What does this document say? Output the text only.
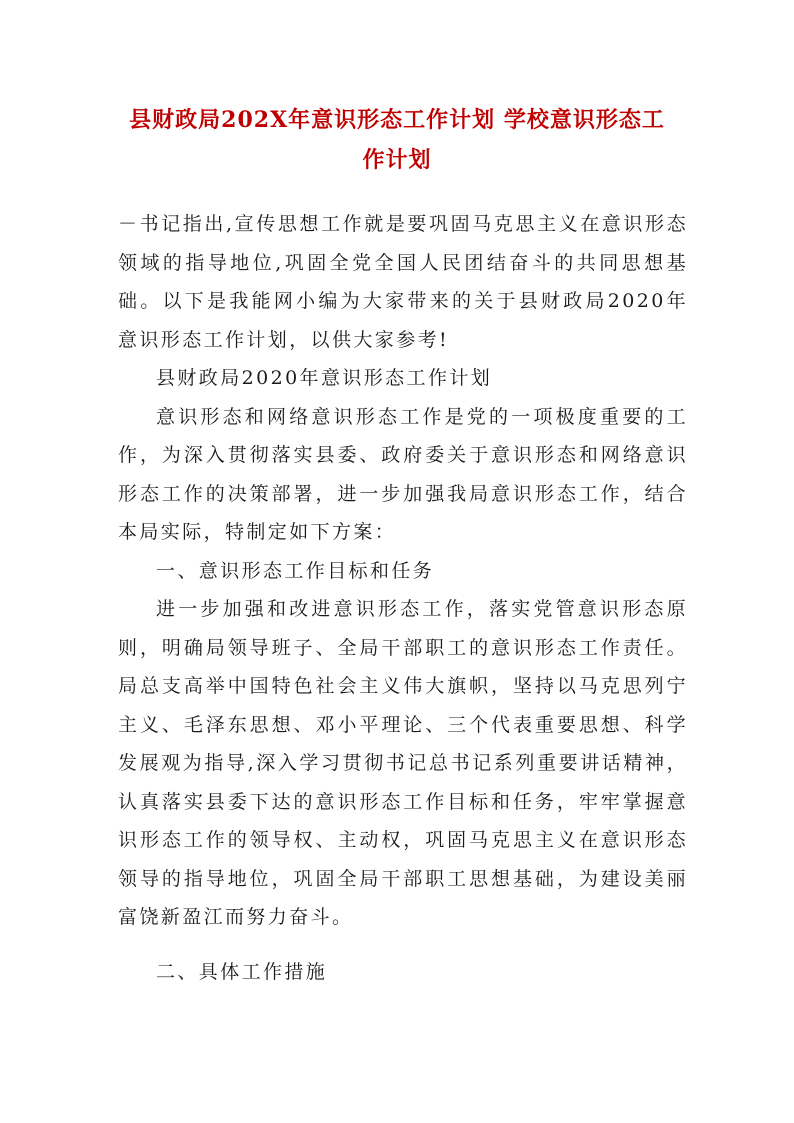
县财政局202X年意识形态工作计划 学校意识形态工
作计划

－书记指出,宣传思想工作就是要巩固马克思主义在意识形态领域的指导地位,巩固全党全国人民团结奋斗的共同思想基础。以下是我能网小编为大家带来的关于县财政局2020年意识形态工作计划，以供大家参考!

县财政局2020年意识形态工作计划

意识形态和网络意识形态工作是党的一项极度重要的工作，为深入贯彻落实县委、政府委关于意识形态和网络意识形态工作的决策部署，进一步加强我局意识形态工作，结合本局实际，特制定如下方案：

一、意识形态工作目标和任务

进一步加强和改进意识形态工作，落实党管意识形态原则，明确局领导班子、全局干部职工的意识形态工作责任。局总支高举中国特色社会主义伟大旗帜，坚持以马克思列宁主义、毛泽东思想、邓小平理论、三个代表重要思想、科学发展观为指导,深入学习贯彻书记总书记系列重要讲话精神，认真落实县委下达的意识形态工作目标和任务，牢牢掌握意识形态工作的领导权、主动权，巩固马克思主义在意识形态领导的指导地位，巩固全局干部职工思想基础，为建设美丽富饶新盈江而努力奋斗。

二、具体工作措施
